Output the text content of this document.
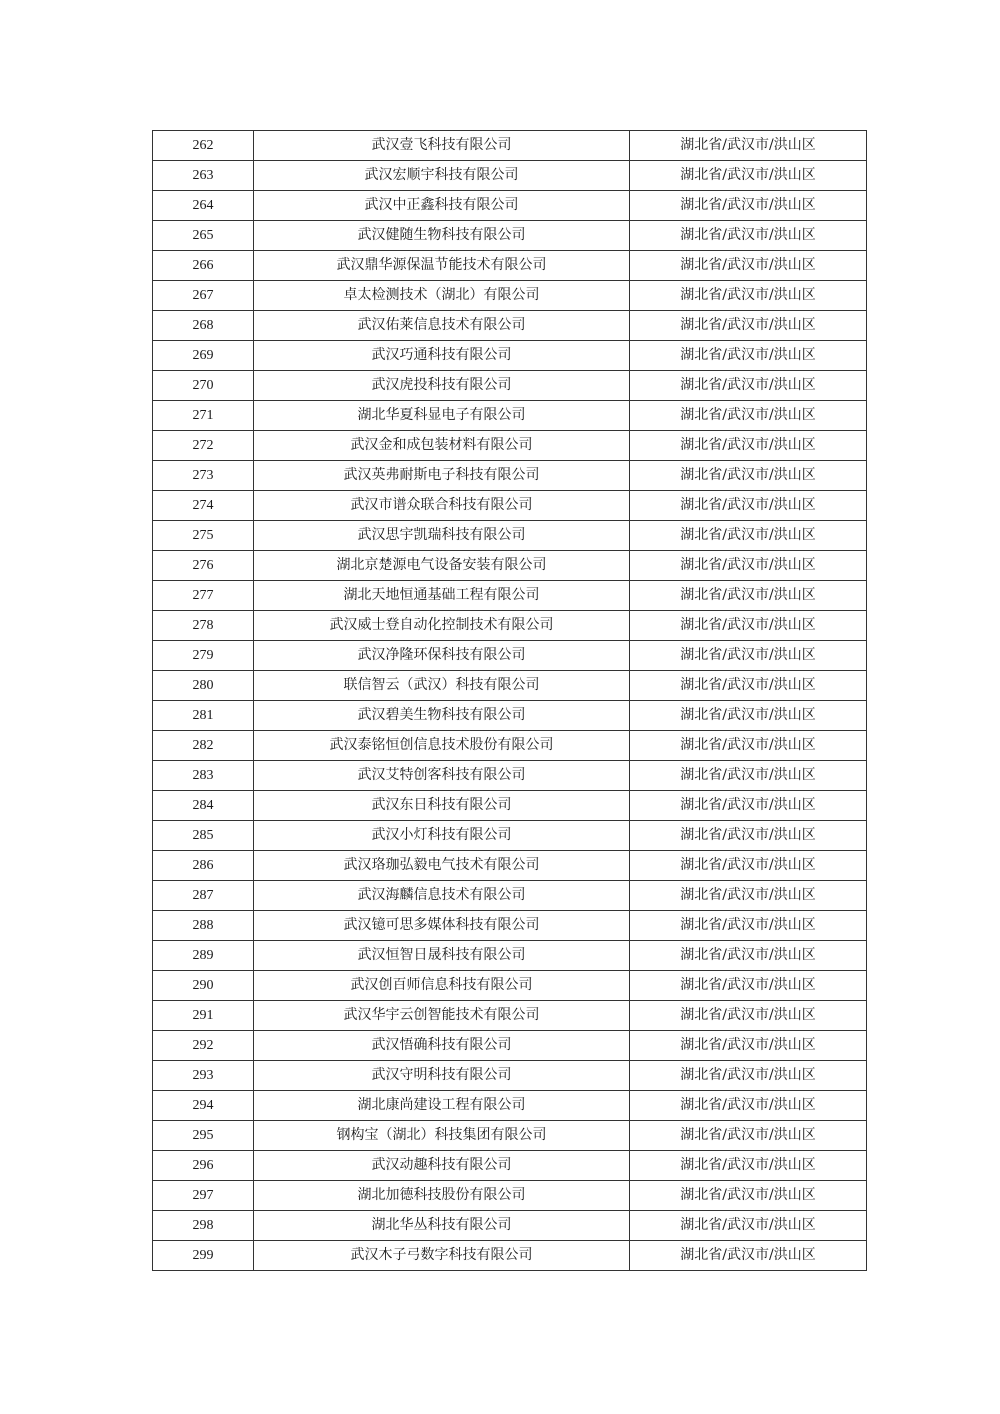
262	武汉壹飞科技有限公司	湖北省/武汉市/洪山区
263	武汉宏顺宇科技有限公司	湖北省/武汉市/洪山区
264	武汉中正鑫科技有限公司	湖北省/武汉市/洪山区
265	武汉健随生物科技有限公司	湖北省/武汉市/洪山区
266	武汉鼎华源保温节能技术有限公司	湖北省/武汉市/洪山区
267	卓太检测技术（湖北）有限公司	湖北省/武汉市/洪山区
268	武汉佑莱信息技术有限公司	湖北省/武汉市/洪山区
269	武汉巧通科技有限公司	湖北省/武汉市/洪山区
270	武汉虎投科技有限公司	湖北省/武汉市/洪山区
271	湖北华夏科显电子有限公司	湖北省/武汉市/洪山区
272	武汉金和成包装材料有限公司	湖北省/武汉市/洪山区
273	武汉英弗耐斯电子科技有限公司	湖北省/武汉市/洪山区
274	武汉市谱众联合科技有限公司	湖北省/武汉市/洪山区
275	武汉思宇凯瑞科技有限公司	湖北省/武汉市/洪山区
276	湖北京楚源电气设备安装有限公司	湖北省/武汉市/洪山区
277	湖北天地恒通基础工程有限公司	湖北省/武汉市/洪山区
278	武汉威士登自动化控制技术有限公司	湖北省/武汉市/洪山区
279	武汉净隆环保科技有限公司	湖北省/武汉市/洪山区
280	联信智云（武汉）科技有限公司	湖北省/武汉市/洪山区
281	武汉碧美生物科技有限公司	湖北省/武汉市/洪山区
282	武汉泰铭恒创信息技术股份有限公司	湖北省/武汉市/洪山区
283	武汉艾特创客科技有限公司	湖北省/武汉市/洪山区
284	武汉东日科技有限公司	湖北省/武汉市/洪山区
285	武汉小灯科技有限公司	湖北省/武汉市/洪山区
286	武汉珞珈弘毅电气技术有限公司	湖北省/武汉市/洪山区
287	武汉海麟信息技术有限公司	湖北省/武汉市/洪山区
288	武汉镱可思多媒体科技有限公司	湖北省/武汉市/洪山区
289	武汉恒智日晟科技有限公司	湖北省/武汉市/洪山区
290	武汉创百师信息科技有限公司	湖北省/武汉市/洪山区
291	武汉华宇云创智能技术有限公司	湖北省/武汉市/洪山区
292	武汉悟确科技有限公司	湖北省/武汉市/洪山区
293	武汉守明科技有限公司	湖北省/武汉市/洪山区
294	湖北康尚建设工程有限公司	湖北省/武汉市/洪山区
295	钢构宝（湖北）科技集团有限公司	湖北省/武汉市/洪山区
296	武汉动趣科技有限公司	湖北省/武汉市/洪山区
297	湖北加德科技股份有限公司	湖北省/武汉市/洪山区
298	湖北华丛科技有限公司	湖北省/武汉市/洪山区
299	武汉木子弓数字科技有限公司	湖北省/武汉市/洪山区
